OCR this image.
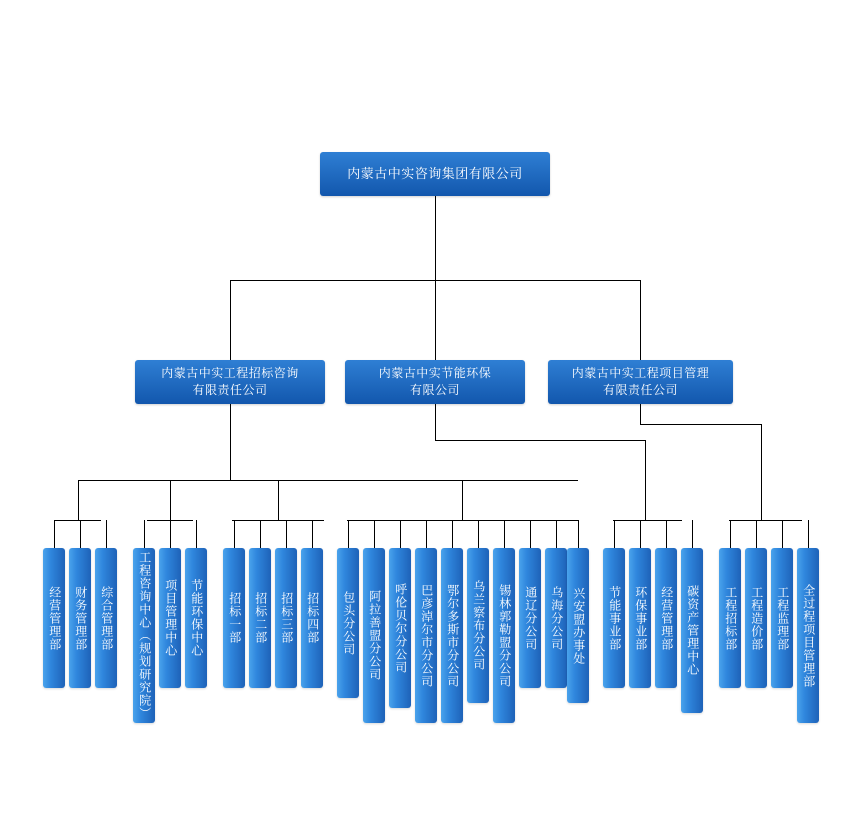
内蒙古中实咨询集团有限公司
内蒙古中实工程招标咨询
有限责任公司
内蒙古中实节能环保
有限公司
内蒙古中实工程项目管理
有限责任公司
经营管理部 财务管理部 综合管理部 工程咨询中心（规划研究院） 项目管理中心 节能环保中心 招标一部 招标二部 招标三部 招标四部 包头分公司 阿拉善盟分公司 呼伦贝尔分公司 巴彦淖尔市分公司 鄂尔多斯市分公司 乌兰察布分公司 锡林郭勒盟分公司 通辽分公司 乌海分公司 兴安盟办事处 节能事业部 环保事业部 经营管理部 碳资产管理中心 工程招标部 工程造价部 工程监理部 全过程项目管理部
